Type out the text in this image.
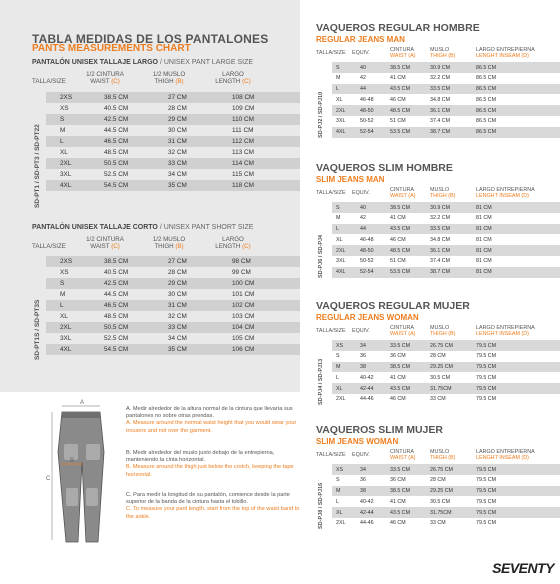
TABLA MEDIDAS DE LOS PANTALONES
PANTS MEASUREMENTS CHART
PANTALÓN UNISEX TALLAJE LARGO / UNISEX PANT LARGE SIZE
TALLA/SIZE
1/2 CINTURA
WAIST (C)
1/2 MUSLO
THIGH (B)
LARGO
LENGTH (C)
SD-PT1 / SD-PT3 / SD-PT22
2XS	38.5 CM	27 CM	108 CM
XS	40.5 CM	28 CM	109 CM
S	42.5 CM	29 CM	110 CM
M	44.5 CM	30 CM	111 CM
L	46.5 CM	31 CM	112 CM
XL	48.5 CM	32 CM	113 CM
2XL	50.5 CM	33 CM	114 CM
3XL	52.5 CM	34 CM	115 CM
4XL	54.5 CM	35 CM	118 CM
PANTALÓN UNISEX TALLAJE CORTO / UNISEX PANT SHORT SIZE
TALLA/SIZE
1/2 CINTURA
WAIST (C)
1/2 MUSLO
THIGH (B)
LARGO
LENGTH (C)
SD-PT1S / SD-PT3S
2XS	38.5 CM	27 CM	98 CM
XS	40.5 CM	28 CM	99 CM
S	42.5 CM	29 CM	100 CM
M	44.5 CM	30 CM	101 CM
L	46.5 CM	31 CM	102 CM
XL	48.5 CM	32 CM	103 CM
2XL	50.5 CM	33 CM	104 CM
3XL	52.5 CM	34 CM	105 CM
4XL	54.5 CM	35 CM	106 CM
A
C
B
A. Medir alrededor de la altura normal de la cintura que llevaría sus pantalones no sobre otras prendas.
A. Measure around the normal waist height that you would wear your trousers and not over the garment.
B. Medir alrededor del muslo justo debajo de la entrepierna, manteniendo la cinta horizontal.
B. Measure around the thigh just below the crotch, keeping the tape horizontal.
C. Para medir la longitud de su pantalón, comience desde la parte superior de la banda de la cintura hasta el tobillo.
C. To measure your pant length, start from the top of the waist band to the ankle.
VAQUEROS REGULAR HOMBRE
REGULAR JEANS MAN
TALLA/SIZE EQUIV.	CINTURA
WAIST (A)
MUSLO
THIGH (B)
LARGO ENTREPIERNA
LENGHT INSEAM (D)
S	40	38.5 CM	30.9 CM	86.5 CM
M	42	41 CM	32.2 CM	86.5 CM
L	44	43.5 CM	33.5 CM	86.5 CM
XL	46-48	46 CM	34.8 CM	86.5 CM
2XL	48-50	48.5 CM	36.1 CM	86.5 CM
3XL	50-52	51 CM	37.4 CM	86.5 CM
4XL	52-54	53.5 CM	38.7 CM	86.5 CM
SD-PJ2 / SD-PJ10
VAQUEROS SLIM HOMBRE
SLIM JEANS MAN
TALLA/SIZE EQUIV.	CINTURA
WAIST (A)
MUSLO
THIGH (B)
LARGO ENTREPIERNA
LENGHT INSEAM (D)
S	40	38.5 CM	30.9 CM	81 CM
M	42	41 CM	32.2 CM	81 CM
L	44	43.5 CM	33.5 CM	81 CM
XL	46-48	46 CM	34.8 CM	81 CM
2XL	48-50	48.5 CM	36.1 CM	81 CM
3XL	50-52	51 CM	37.4 CM	81 CM
4XL	52-54	53.5 CM	38.7 CM	81 CM
SD-PJ6 / SD-PJ4
VAQUEROS REGULAR MUJER
REGULAR JEANS WOMAN
TALLA/SIZE EQUIV.	CINTURA
WAIST (A)
MUSLO
THIGH (B)
LARGO ENTREPIERNA
LENGHT INSEAM (D)
XS	34	33.5 CM	26.75 CM	79.5 CM
S	36	36 CM	28 CM	79.5 CM
M	38	38.5 CM	29.25 CM	79.5 CM
L	40-42	41 CM	30.5 CM	79.5 CM
XL	42-44	43.5 CM	31.75CM	79.5 CM
2XL	44-46	46 CM	33 CM	79.5 CM
SD-PJ4 / SD-PJ13
VAQUEROS SLIM MUJER
SLIM JEANS WOMAN
TALLA/SIZE EQUIV.	CINTURA
WAIST (A)
MUSLO
THIGH (B)
LARGO ENTREPIERNA
LENGHT INSEAM (D)
XS	34	33.5 CM	26.75 CM	79.5 CM
S	36	36 CM	28 CM	79.5 CM
M	38	38.5 CM	29.25 CM	79.5 CM
L	40-42	41 CM	30.5 CM	79.5 CM
XL	42-44	43.5 CM	31.75CM	79.5 CM
2XL	44-46	46 CM	33 CM	79.5 CM
SD-PJ8 / SD-PJ16
SEVENTY
